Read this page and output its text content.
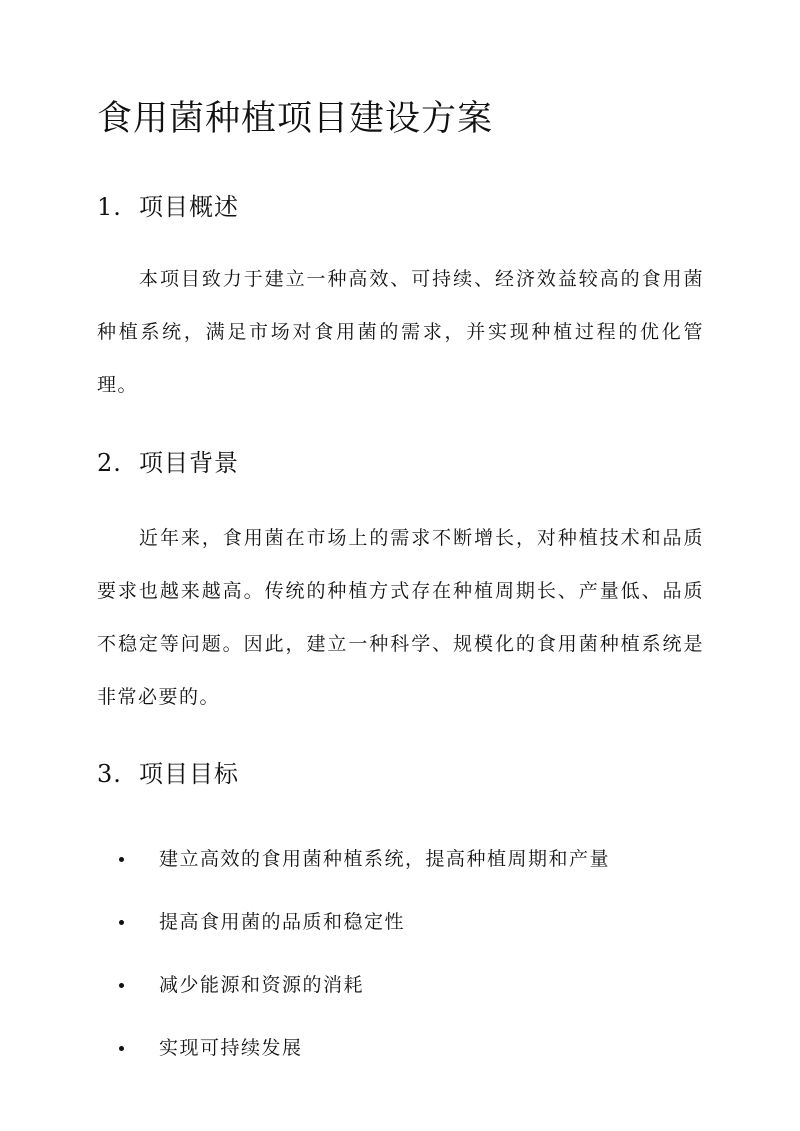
食用菌种植项目建设方案
1. 项目概述

本项目致力于建立一种高效、可持续、经济效益较高的食用菌种植系统，满足市场对食用菌的需求，并实现种植过程的优化管理。

2. 项目背景

近年来，食用菌在市场上的需求不断增长，对种植技术和品质要求也越来越高。传统的种植方式存在种植周期长、产量低、品质不稳定等问题。因此，建立一种科学、规模化的食用菌种植系统是非常必要的。

3. 项目目标
建立高效的食用菌种植系统，提高种植周期和产量
提高食用菌的品质和稳定性
减少能源和资源的消耗
实现可持续发展
